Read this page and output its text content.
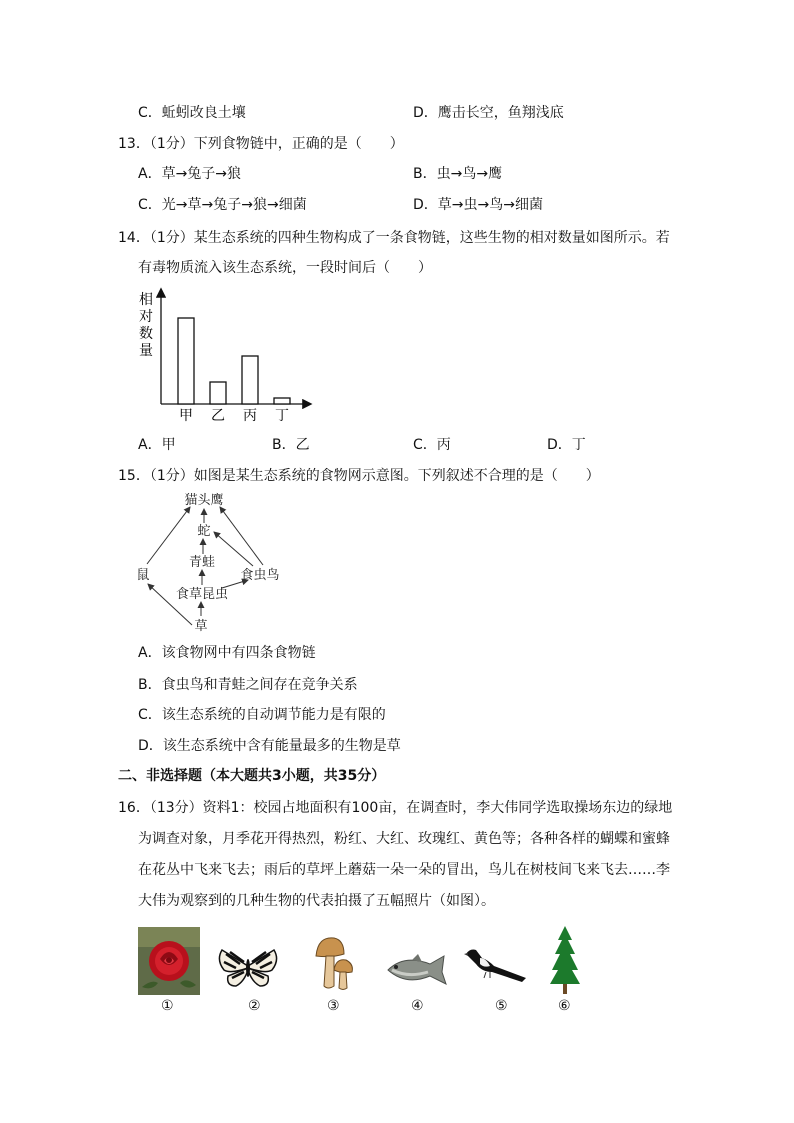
C．蚯蚓改良土壤	D．鹰击长空，鱼翔浅底
13．（1分）下列食物链中，正确的是（　　）
A．草→兔子→狼	B．虫→鸟→鹰
C．光→草→兔子→狼→细菌	D．草→虫→鸟→细菌
14．（1分）某生态系统的四种生物构成了一条食物链，这些生物的相对数量如图所示。若
有毒物质流入该生态系统，一段时间后（　　）
相
对
数
量
甲 乙 丙 丁
A．甲	B．乙	C．丙	D．丁
15．（1分）如图是某生态系统的食物网示意图。下列叙述不合理的是（　　）
猫头鹰
蛇
青蛙
鼠	食虫鸟
食草昆虫
草
A．该食物网中有四条食物链
B．食虫鸟和青蛙之间存在竞争关系
C．该生态系统的自动调节能力是有限的
D．该生态系统中含有能量最多的生物是草
二、非选择题（本大题共3小题，共35分）
16．（13分）资料1：校园占地面积有100亩，在调查时，李大伟同学选取操场东边的绿地
为调查对象，月季花开得热烈，粉红、大红、玫瑰红、黄色等；各种各样的蝴蝶和蜜蜂
在花丛中飞来飞去；雨后的草坪上蘑菇一朵一朵的冒出，鸟儿在树枝间飞来飞去……李
大伟为观察到的几种生物的代表拍摄了五幅照片（如图）。
①	②	③	④	⑤	⑥
